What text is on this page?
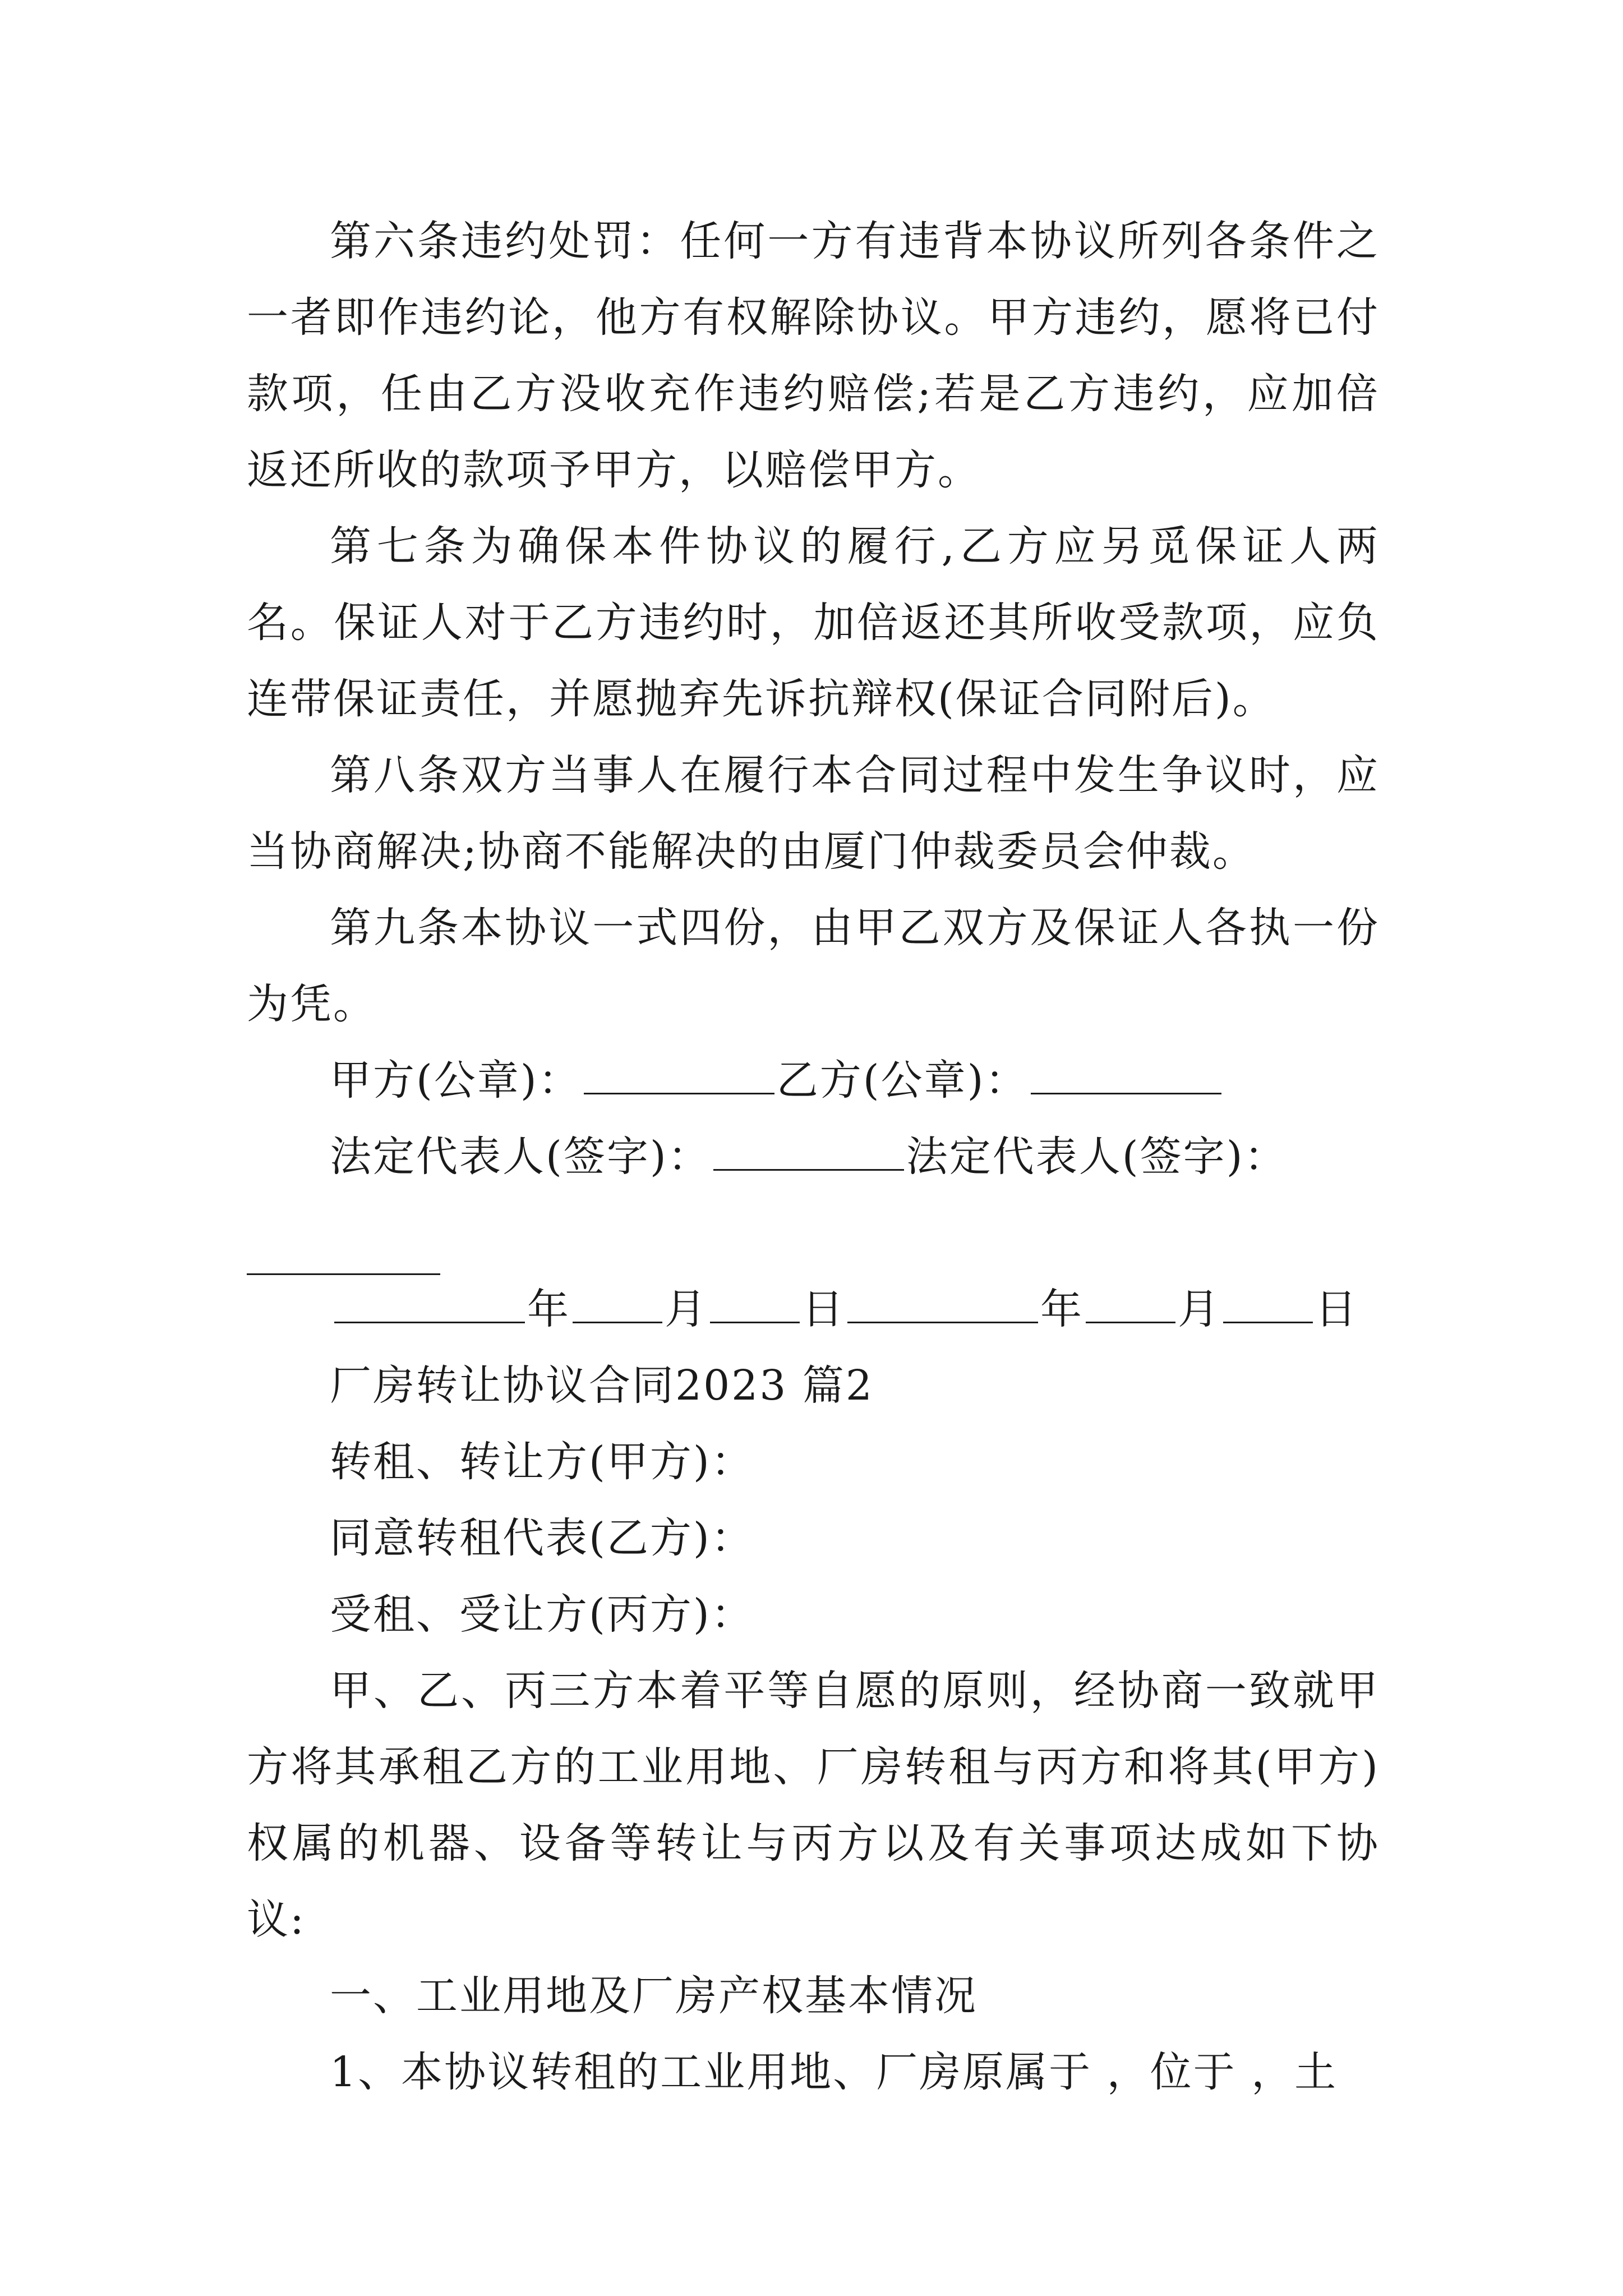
第六条违约处罚：任何一方有违背本协议所列各条件之一者即作违约论，他方有权解除协议。甲方违约，愿将已付款项，任由乙方没收充作违约赔偿;若是乙方违约，应加倍返还所收的款项予甲方，以赔偿甲方。

第七条为确保本件协议的履行,乙方应另觅保证人两名。保证人对于乙方违约时，加倍返还其所收受款项，应负连带保证责任，并愿抛弃先诉抗辩权(保证合同附后)。

第八条双方当事人在履行本合同过程中发生争议时，应当协商解决;协商不能解决的由厦门仲裁委员会仲裁。

第九条本协议一式四份，由甲乙双方及保证人各执一份为凭。

甲方(公章)：	乙方(公章)：
法定代表人(签字)：	法定代表人(签字)：
年 月 日	年 月 日
厂房转让协议合同2023 篇2
转租、转让方(甲方)：
同意转租代表(乙方)：
受租、受让方(丙方)：

甲、乙、丙三方本着平等自愿的原则，经协商一致就甲方将其承租乙方的工业用地、厂房转租与丙方和将其(甲方)权属的机器、设备等转让与丙方以及有关事项达成如下协议:

一、工业用地及厂房产权基本情况
1、本协议转租的工业用地、厂房原属于 ，位于 ，土
